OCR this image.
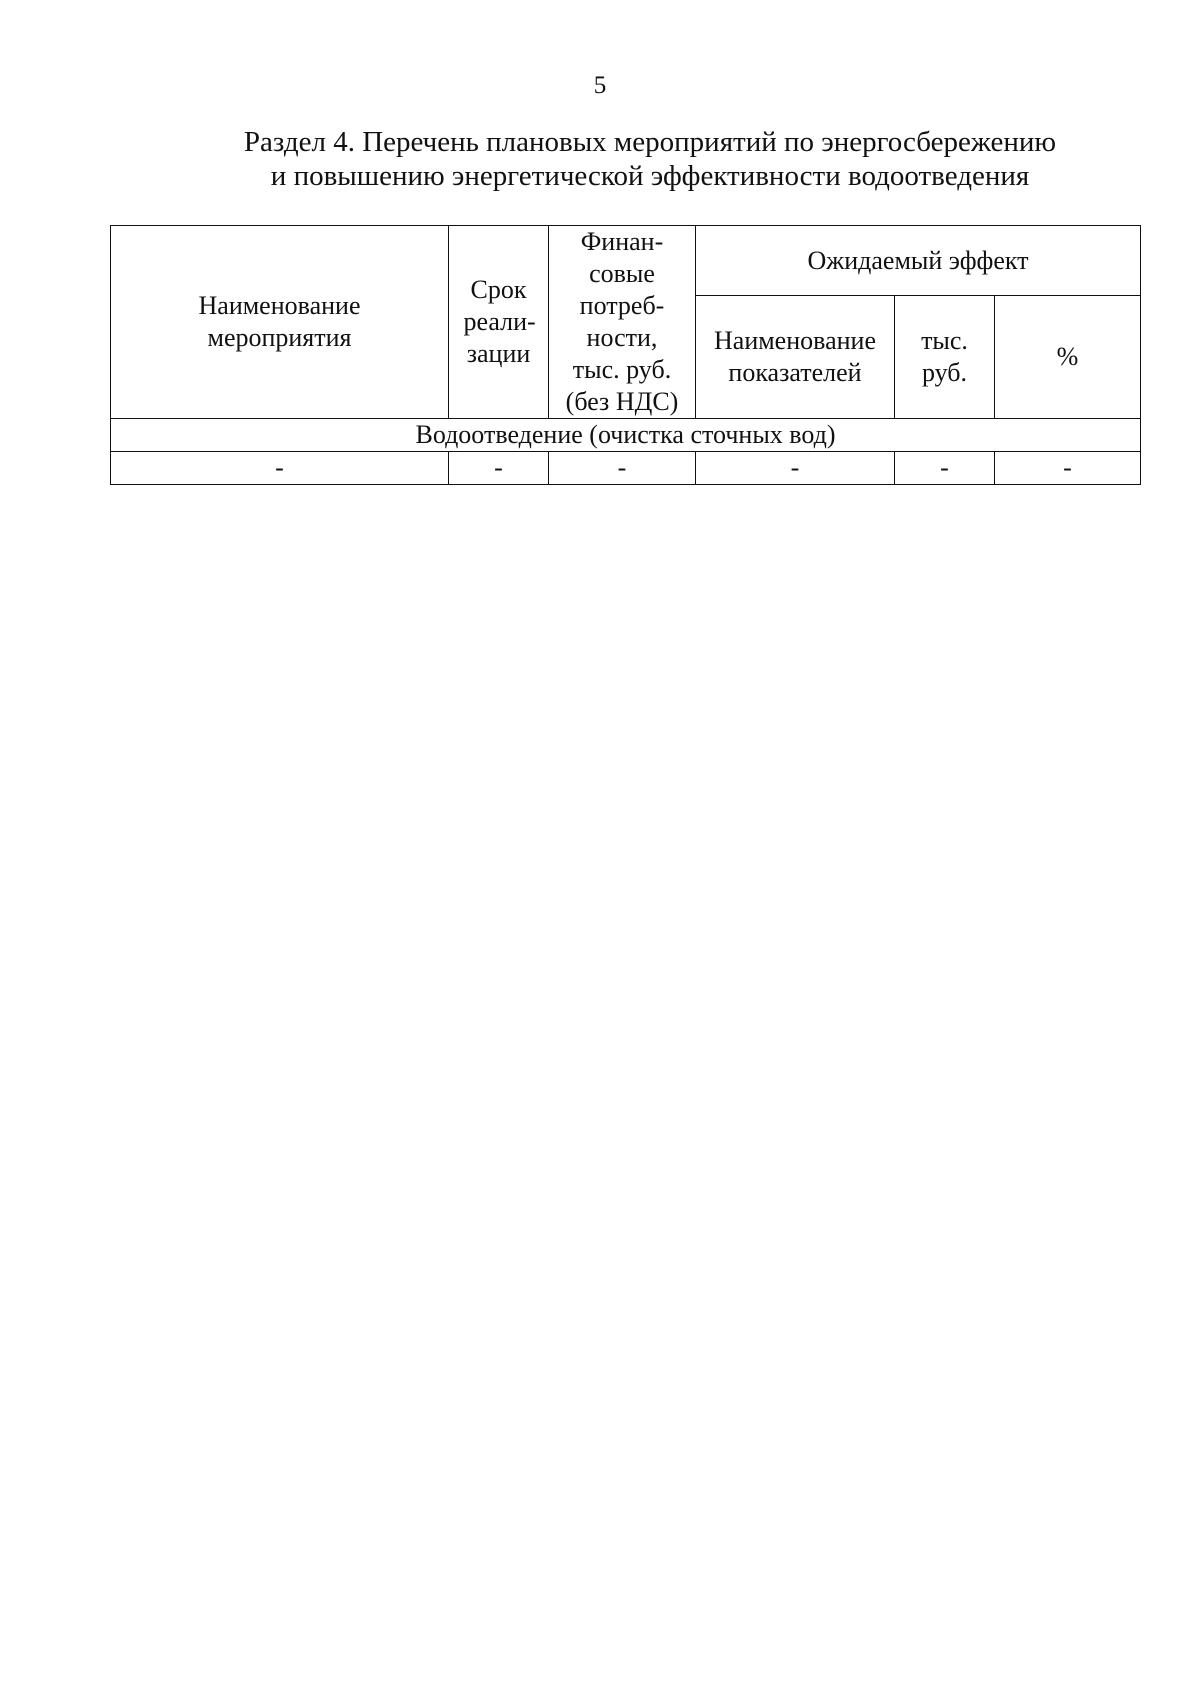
5
Раздел 4. Перечень плановых мероприятий по энергосбережению
и повышению энергетической эффективности водоотведения
Наименование мероприятия	Срок реали- зации	Финан- совые потреб- ности, тыс. руб. (без НДС)	Ожидаемый эффект		

			Наименование показателей	тыс. руб.	%
Водоотведение (очистка сточных вод)					
-	-	-	-	-	-
